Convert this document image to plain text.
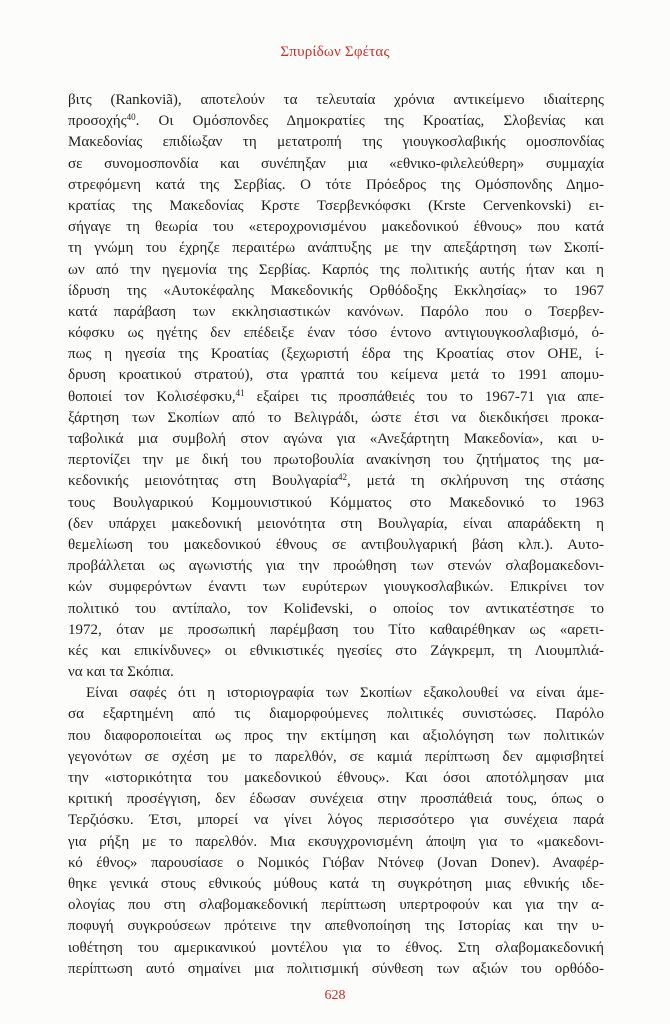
Σπυρίδων Σφέτας
βιτς (Rankoviã), αποτελούν τα τελευταία χρόνια αντικείμενο ιδιαίτερης
προσοχής$^{40}$. Οι Ομόσπονδες Δημοκρατίες της Κροατίας, Σλοβενίας και
Μακεδονίας επιδίωξαν τη μετατροπή της γιουγκοσλαβικής ομοσπονδίας
σε συνομοσπονδία και συνέπηξαν μια «εθνικο-φιλελεύθερη» συμμαχία
στρεφόμενη κατά της Σερβίας. Ο τότε Πρόεδρος της Ομόσπονδης Δημο-
κρατίας της Μακεδονίας Κρστε Τσερβενκόφσκι (Krste Cervenkovski) ει-
σήγαγε τη θεωρία του «ετεροχρονισμένου μακεδονικού έθνους» που κατά
τη γνώμη του έχρηζε περαιτέρω ανάπτυξης με την απεξάρτηση των Σκοπί-
ων από την ηγεμονία της Σερβίας. Καρπός της πολιτικής αυτής ήταν και η
ίδρυση της «Αυτοκέφαλης Μακεδονικής Ορθόδοξης Εκκλησίας» το 1967
κατά παράβαση των εκκλησιαστικών κανόνων. Παρόλο που ο Τσερβεν-
κόφσκυ ως ηγέτης δεν επέδειξε έναν τόσο έντονο αντιγιουγκοσλαβισμό, ό-
πως η ηγεσία της Κροατίας (ξεχωριστή έδρα της Κροατίας στον ΟΗΕ, ί-
δρυση κροατικού στρατού), στα γραπτά του κείμενα μετά το 1991 απομυ-
θοποιεί τον Κολισέφσκυ,$^{41}$ εξαίρει τις προσπάθειές του το 1967-71 για απε-
ξάρτηση των Σκοπίων από το Βελιγράδι, ώστε έτσι να διεκδικήσει προκα-
ταβολικά μια συμβολή στον αγώνα για «Ανεξάρτητη Μακεδονία», και υ-
περτονίζει την με δική του πρωτοβουλία ανακίνηση του ζητήματος της μα-
κεδονικής μειονότητας στη Βουλγαρία$^{42}$, μετά τη σκλήρυνση της στάσης
τους Βουλγαρικού Κομμουνιστικού Κόμματος στο Μακεδονικό το 1963
(δεν υπάρχει μακεδονική μειονότητα στη Βουλγαρία, είναι απαράδεκτη η
θεμελίωση του μακεδονικού έθνους σε αντιβουλγαρική βάση κλπ.). Αυτο-
προβάλλεται ως αγωνιστής για την προώθηση των στενών σλαβομακεδονι-
κών συμφερόντων έναντι των ευρύτερων γιουγκοσλαβικών. Επικρίνει τον
πολιτικό του αντίπαλο, τον Koliđevski, ο οποίος τον αντικατέστησε το
1972, όταν με προσωπική παρέμβαση του Τίτο καθαιρέθηκαν ως «αρετι-
κές και επικίνδυνες» οι εθνικιστικές ηγεσίες στο Ζάγκρεμπ, τη Λιουμπλιά-
να και τα Σκόπια.
Είναι σαφές ότι η ιστοριογραφία των Σκοπίων εξακολουθεί να είναι άμε-
σα εξαρτημένη από τις διαμορφούμενες πολιτικές συνιστώσες. Παρόλο
που διαφοροποιείται ως προς την εκτίμηση και αξιολόγηση των πολιτικών
γεγονότων σε σχέση με το παρελθόν, σε καμιά περίπτωση δεν αμφισβητεί
την «ιστορικότητα του μακεδονικού έθνους». Και όσοι αποτόλμησαν μια
κριτική προσέγγιση, δεν έδωσαν συνέχεια στην προσπάθειά τους, όπως ο
Τερζιόσκυ. Έτσι, μπορεί να γίνει λόγος περισσότερο για συνέχεια παρά
για ρήξη με το παρελθόν. Μια εκσυγχρονισμένη άποψη για το «μακεδονι-
κό έθνος» παρουσίασε ο Νομικός Γιόβαν Ντόνεφ (Jovan Donev). Αναφέρ-
θηκε γενικά στους εθνικούς μύθους κατά τη συγκρότηση μιας εθνικής ιδε-
ολογίας που στη σλαβομακεδονική περίπτωση υπερτροφούν και για την α-
ποφυγή συγκρούσεων πρότεινε την απεθνοποίηση της Ιστορίας και την υ-
ιοθέτηση του αμερικανικού μοντέλου για το έθνος. Στη σλαβομακεδονική
περίπτωση αυτό σημαίνει μια πολιτισμική σύνθεση των αξιών του ορθόδο-
628
